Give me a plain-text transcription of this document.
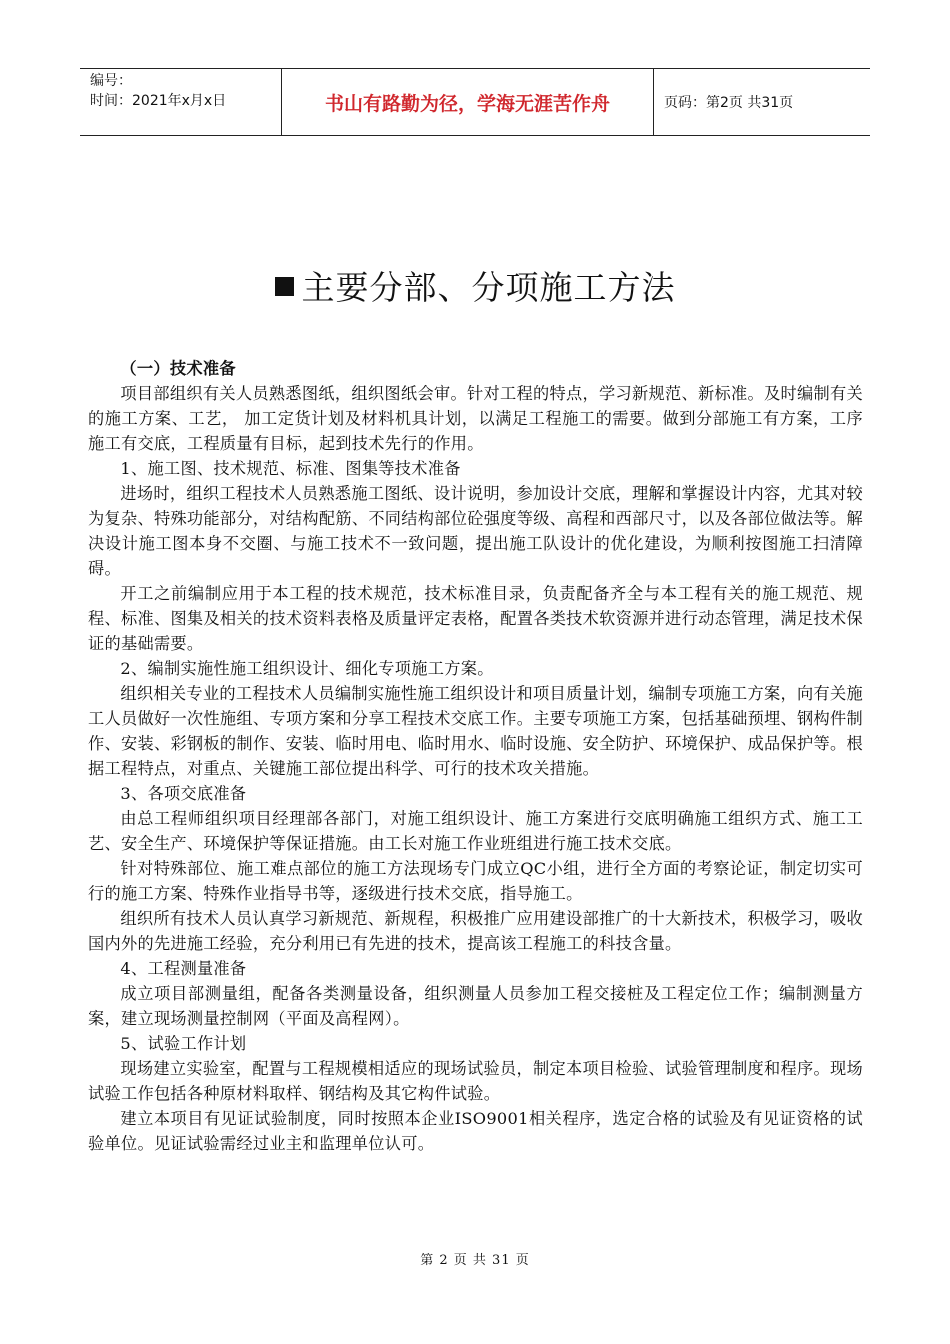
编号：
时间：2021年x月x日	书山有路勤为径，学海无涯苦作舟	页码：第2页 共31页
主要分部、分项施工方法

（一）技术准备

项目部组织有关人员熟悉图纸，组织图纸会审。针对工程的特点，学习新规范、新标准。及时编制有关的施工方案、工艺， 加工定货计划及材料机具计划，以满足工程施工的需要。做到分部施工有方案，工序施工有交底，工程质量有目标，起到技术先行的作用。

1、施工图、技术规范、标准、图集等技术准备

进场时，组织工程技术人员熟悉施工图纸、设计说明，参加设计交底，理解和掌握设计内容，尤其对较为复杂、特殊功能部分，对结构配筋、不同结构部位砼强度等级、高程和西部尺寸，以及各部位做法等。解决设计施工图本身不交圈、与施工技术不一致问题，提出施工队设计的优化建设，为顺利按图施工扫清障碍。

开工之前编制应用于本工程的技术规范，技术标准目录，负责配备齐全与本工程有关的施工规范、规程、标准、图集及相关的技术资料表格及质量评定表格，配置各类技术软资源并进行动态管理，满足技术保证的基础需要。

2、编制实施性施工组织设计、细化专项施工方案。

组织相关专业的工程技术人员编制实施性施工组织设计和项目质量计划，编制专项施工方案，向有关施工人员做好一次性施组、专项方案和分享工程技术交底工作。主要专项施工方案，包括基础预埋、钢构件制作、安装、彩钢板的制作、安装、临时用电、临时用水、临时设施、安全防护、环境保护、成品保护等。根据工程特点，对重点、关键施工部位提出科学、可行的技术攻关措施。

3、各项交底准备

由总工程师组织项目经理部各部门，对施工组织设计、施工方案进行交底明确施工组织方式、施工工艺、安全生产、环境保护等保证措施。由工长对施工作业班组进行施工技术交底。

针对特殊部位、施工难点部位的施工方法现场专门成立QC小组，进行全方面的考察论证，制定切实可行的施工方案、特殊作业指导书等，逐级进行技术交底，指导施工。

组织所有技术人员认真学习新规范、新规程，积极推广应用建设部推广的十大新技术，积极学习，吸收国内外的先进施工经验，充分利用已有先进的技术，提高该工程施工的科技含量。

4、工程测量准备

成立项目部测量组，配备各类测量设备，组织测量人员参加工程交接桩及工程定位工作；编制测量方案，建立现场测量控制网（平面及高程网）。

5、试验工作计划

现场建立实验室，配置与工程规模相适应的现场试验员，制定本项目检验、试验管理制度和程序。现场试验工作包括各种原材料取样、钢结构及其它构件试验。

建立本项目有见证试验制度，同时按照本企业ISO9001相关程序，选定合格的试验及有见证资格的试验单位。见证试验需经过业主和监理单位认可。

第 2 页 共 31 页
